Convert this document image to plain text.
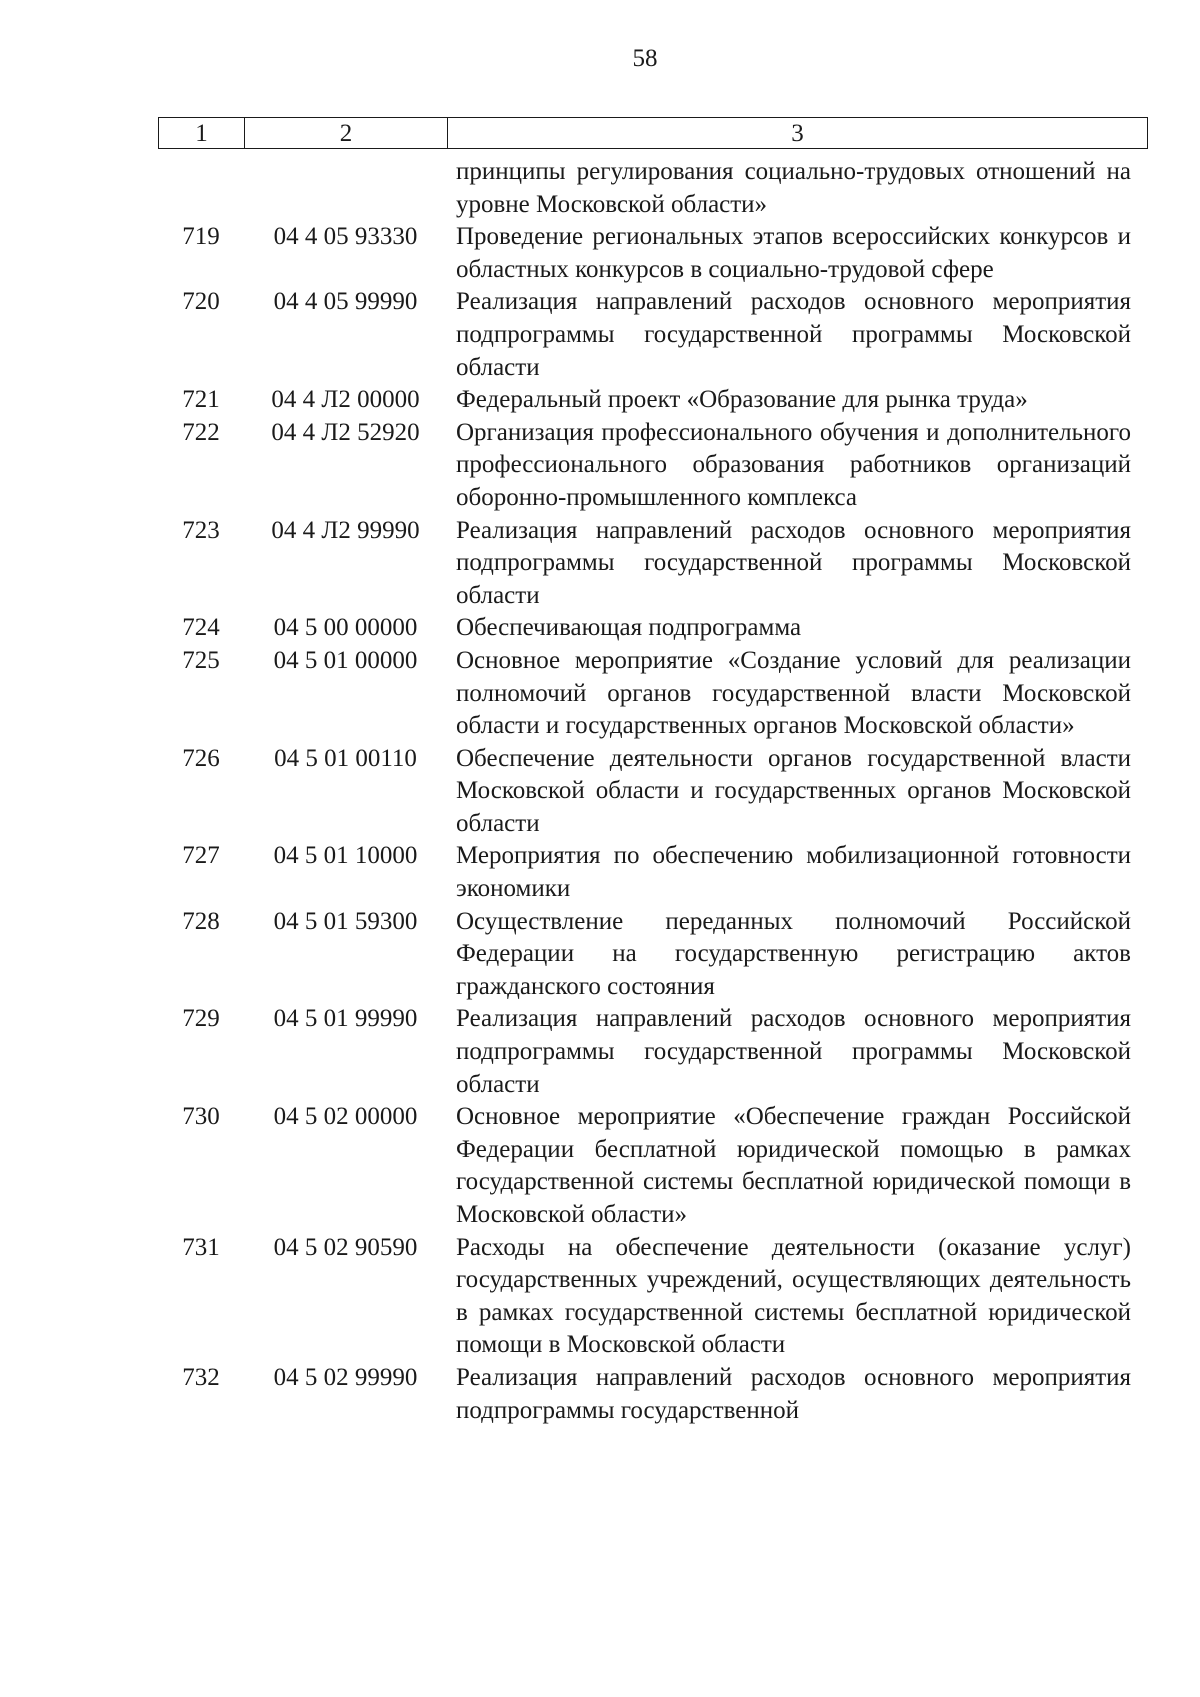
58
1	2	3
принципы регулирования социально-трудовых отношений на уровне Московской области»
719	04 4 05 93330	Проведение региональных этапов всероссийских конкурсов и областных конкурсов в социально-трудовой сфере
720	04 4 05 99990	Реализация направлений расходов основного мероприятия подпрограммы государственной программы Московской области
721	04 4 Л2 00000	Федеральный проект «Образование для рынка труда»
722	04 4 Л2 52920	Организация профессионального обучения и дополнительного профессионального образования работников организаций оборонно-промышленного комплекса
723	04 4 Л2 99990	Реализация направлений расходов основного мероприятия подпрограммы государственной программы Московской области
724	04 5 00 00000	Обеспечивающая подпрограмма
725	04 5 01 00000	Основное мероприятие «Создание условий для реализации полномочий органов государственной власти Московской области и государственных органов Московской области»
726	04 5 01 00110	Обеспечение деятельности органов государственной власти Московской области и государственных органов Московской области
727	04 5 01 10000	Мероприятия по обеспечению мобилизационной готовности экономики
728	04 5 01 59300	Осуществление переданных полномочий Российской Федерации на государственную регистрацию актов гражданского состояния
729	04 5 01 99990	Реализация направлений расходов основного мероприятия подпрограммы государственной программы Московской области
730	04 5 02 00000	Основное мероприятие «Обеспечение граждан Российской Федерации бесплатной юридической помощью в рамках государственной системы бесплатной юридической помощи в Московской области»
731	04 5 02 90590	Расходы на обеспечение деятельности (оказание услуг) государственных учреждений, осуществляющих деятельность в рамках государственной системы бесплатной юридической помощи в Московской области
732	04 5 02 99990	Реализация направлений расходов основного мероприятия подпрограммы государственной
